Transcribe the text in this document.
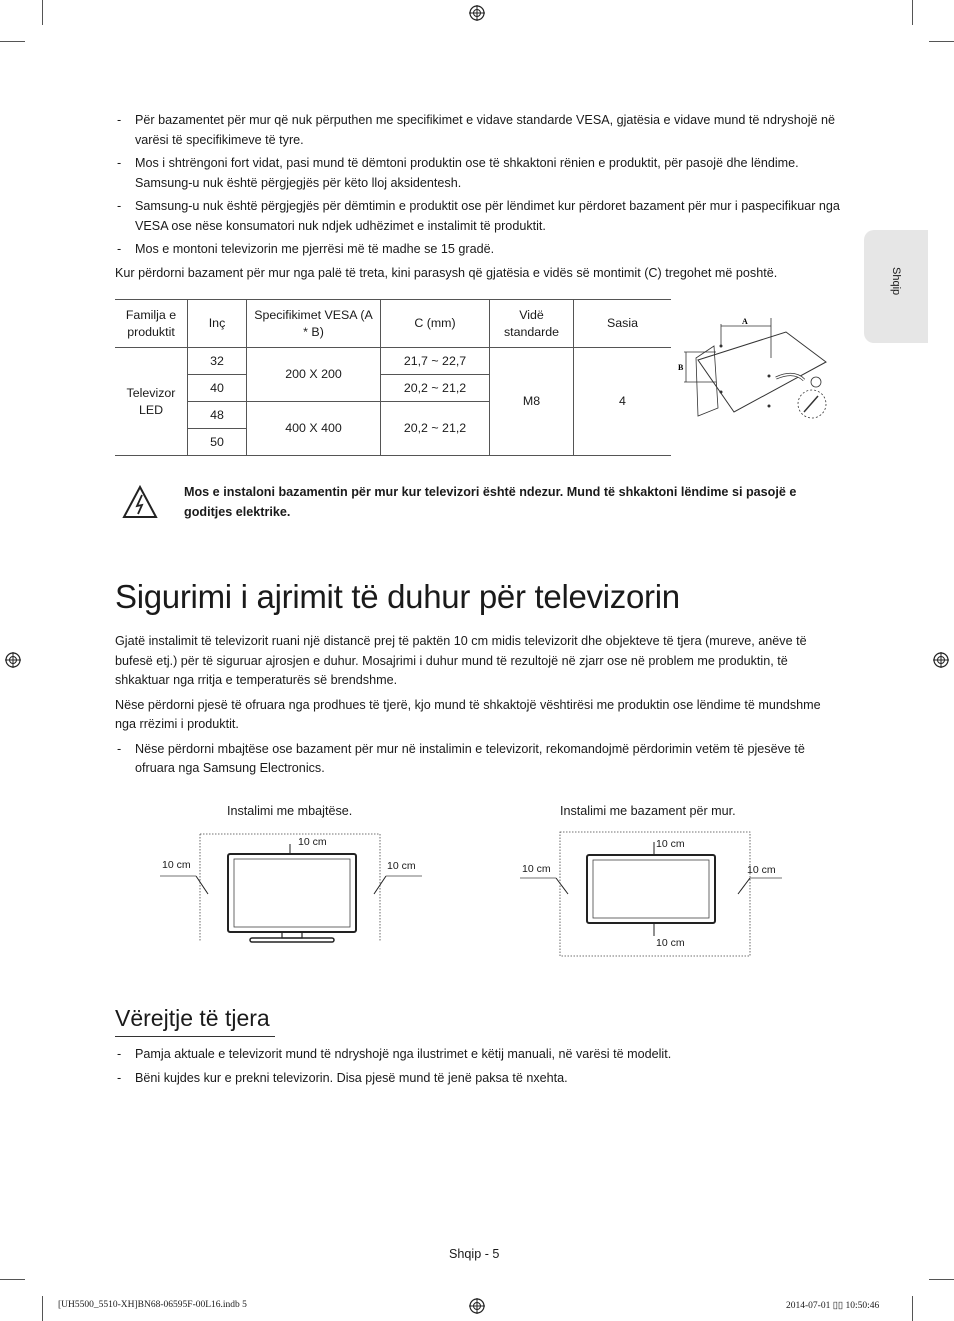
Shqip
- Për bazamentet për mur që nuk përputhen me specifikimet e vidave standarde VESA, gjatësia e vidave mund të ndryshojë në varësi të specifikimeve të tyre.
- Mos i shtrëngoni fort vidat, pasi mund të dëmtoni produktin ose të shkaktoni rënien e produktit, për pasojë dhe lëndime. Samsung-u nuk është përgjegjës për këto lloj aksidentesh.
- Samsung-u nuk është përgjegjës për dëmtimin e produktit ose për lëndimet kur përdoret bazament për mur i paspecifikuar nga VESA ose nëse konsumatori nuk ndjek udhëzimet e instalimit të produktit.
- Mos e montoni televizorin me pjerrësi më të madhe se 15 gradë.

Kur përdorni bazament për mur nga palë të treta, kini parasysh që gjatësia e vidës së montimit (C) tregohet më poshtë.

Familja e produktit	Inç	Specifikimet VESA (A * B)	C (mm)	Vidë standarde	Sasia
Televizor LED	32	200 X 200	21,7 ~ 22,7	M8	4
	40		20,2 ~ 21,2		
	48	400 X 400	20,2 ~ 21,2		
	50				
A
B
Mos e instaloni bazamentin për mur kur televizori është ndezur. Mund të shkaktoni lëndime si pasojë e goditjes elektrike.
Sigurimi i ajrimit të duhur për televizorin

Gjatë instalimit të televizorit ruani një distancë prej të paktën 10 cm midis televizorit dhe objekteve të tjera (mureve, anëve të bufesë etj.) për të siguruar ajrosjen e duhur. Mosajrimi i duhur mund të rezultojë në zjarr ose në problem me produktin, të shkaktuar nga rritja e temperaturës së brendshme.

Nëse përdorni pjesë të ofruara nga prodhues të tjerë, kjo mund të shkaktojë vështirësi me produktin ose lëndime të mundshme nga rrëzimi i produktit.

- Nëse përdorni mbajtëse ose bazament për mur në instalimin e televizorit, rekomandojmë përdorimin vetëm të pjesëve të ofruara nga Samsung Electronics.
Instalimi me mbajtëse.
10 cm
10 cm	10 cm
Instalimi me bazament për mur.
10 cm
10 cm	10 cm
10 cm
Vërejtje të tjera
- Pamja aktuale e televizorit mund të ndryshojë nga ilustrimet e këtij manuali, në varësi të modelit.
- Bëni kujdes kur e prekni televizorin. Disa pjesë mund të jenë paksa të nxehta.
Shqip - 5
[UH5500_5510-XH]BN68-06595F-00L16.indb 5	2014-07-01 ▯▯ 10:50:46
